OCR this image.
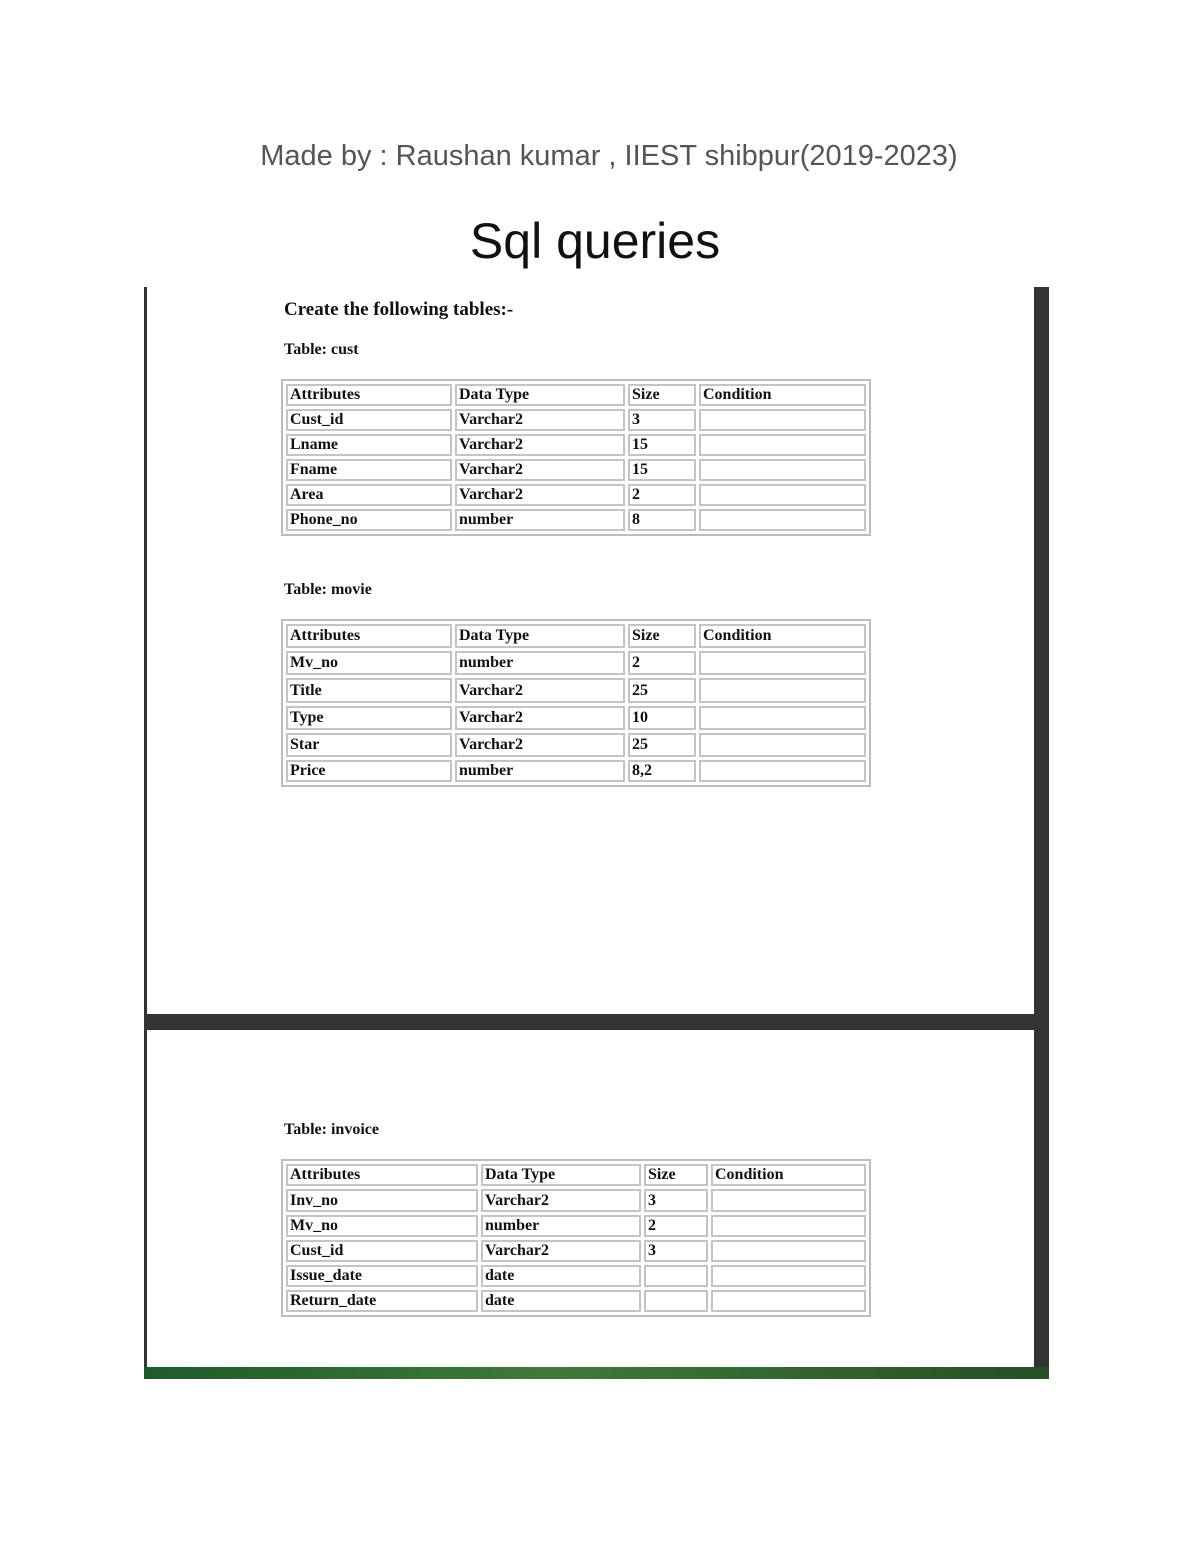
Made by : Raushan kumar , IIEST shibpur(2019-2023)
Sql queries
Create the following tables:-
Table: cust
Attributes	Data Type	Size	Condition
Cust_id	Varchar2	3	
Lname	Varchar2	15	
Fname	Varchar2	15	
Area	Varchar2	2	
Phone_no	number	8	
Table: movie
Attributes	Data Type	Size	Condition
Mv_no	number	2	
Title	Varchar2	25	
Type	Varchar2	10	
Star	Varchar2	25	
Price	number	8,2	
Table: invoice
Attributes	Data Type	Size	Condition
Inv_no	Varchar2	3	
Mv_no	number	2	
Cust_id	Varchar2	3	
Issue_date	date		
Return_date	date		
